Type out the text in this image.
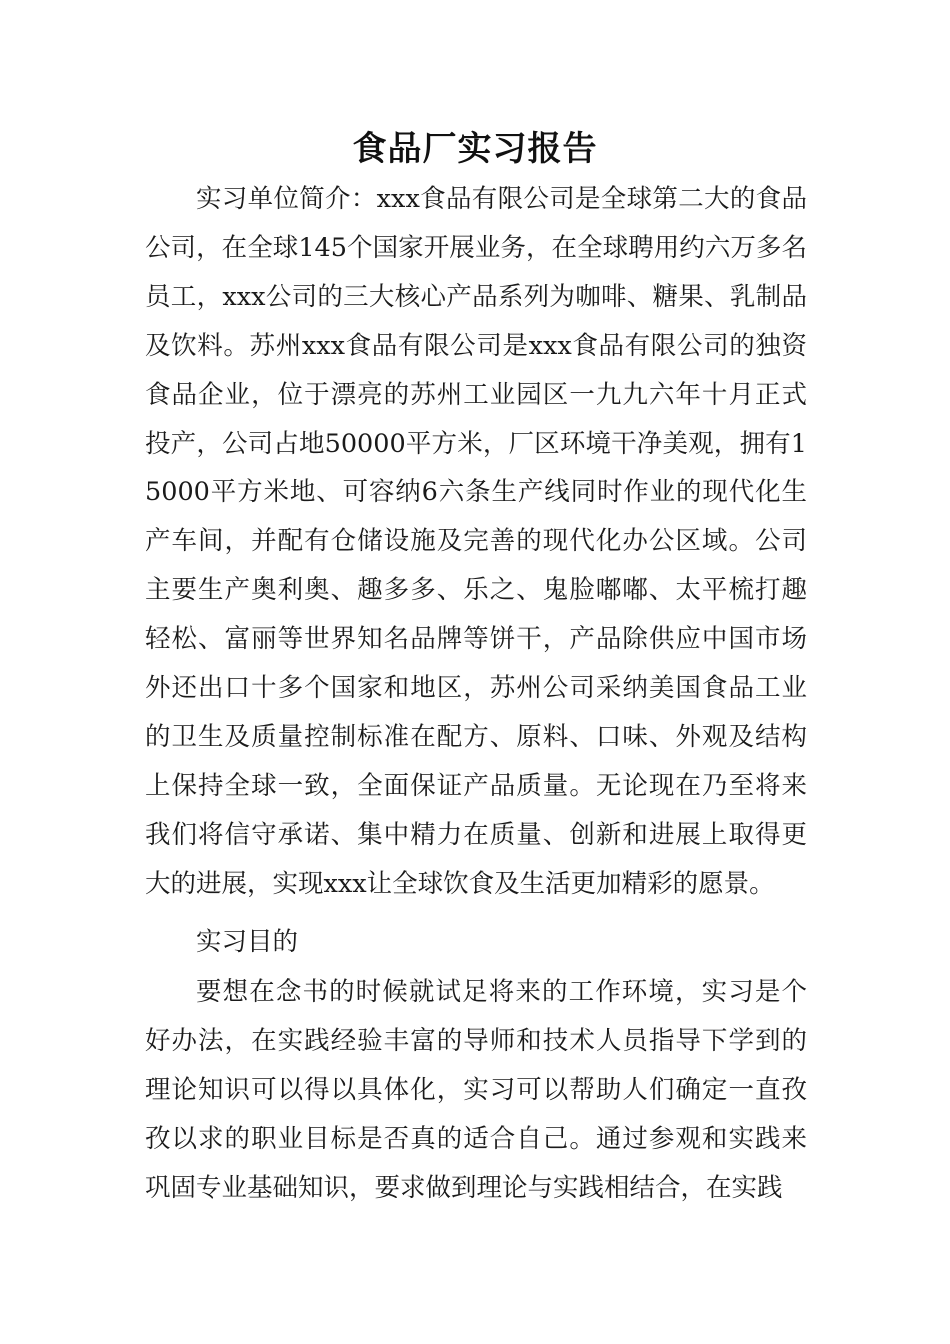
食品厂实习报告

实习单位简介：xxx食品有限公司是全球第二大的食品公司，在全球145个国家开展业务，在全球聘用约六万多名员工，xxx公司的三大核心产品系列为咖啡、糖果、乳制品及饮料。苏州xxx食品有限公司是xxx食品有限公司的独资食品企业，位于漂亮的苏州工业园区一九九六年十月正式投产，公司占地50000平方米，厂区环境干净美观，拥有15000平方米地、可容纳6六条生产线同时作业的现代化生产车间，并配有仓储设施及完善的现代化办公区域。公司主要生产奥利奥、趣多多、乐之、鬼脸嘟嘟、太平梳打趣轻松、富丽等世界知名品牌等饼干，产品除供应中国市场外还出口十多个国家和地区，苏州公司采纳美国食品工业的卫生及质量控制标准在配方、原料、口味、外观及结构上保持全球一致，全面保证产品质量。无论现在乃至将来我们将信守承诺、集中精力在质量、创新和进展上取得更大的进展，实现xxx让全球饮食及生活更加精彩的愿景。

实习目的

要想在念书的时候就试足将来的工作环境，实习是个好办法，在实践经验丰富的导师和技术人员指导下学到的理论知识可以得以具体化，实习可以帮助人们确定一直孜孜以求的职业目标是否真的适合自己。通过参观和实践来巩固专业基础知识，要求做到理论与实践相结合，在实践
